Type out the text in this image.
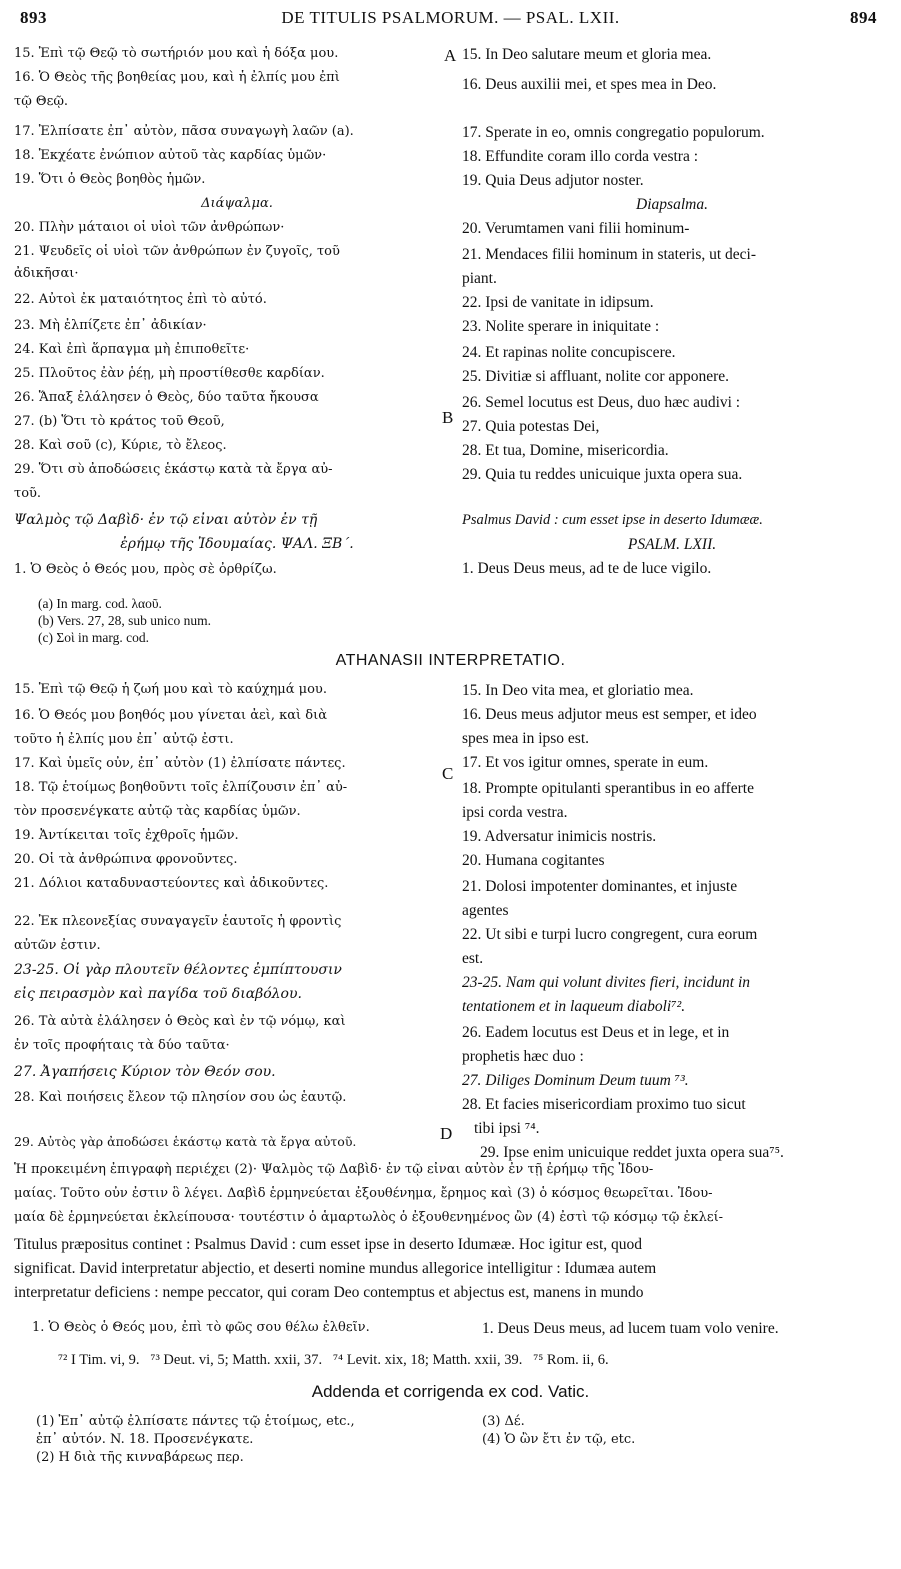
893	DE TITULIS PSALMORUM. — PSAL. LXII.	894
15. Ἐπὶ τῷ Θεῷ τὸ σωτήριόν μου καὶ ἡ δόξα μου.
16. Ὁ Θεὸς τῆς βοηθείας μου, καὶ ἡ ἐλπίς μου ἐπὶ
τῷ Θεῷ.
17. Ἐλπίσατε ἐπ᾽ αὐτὸν, πᾶσα συναγωγὴ λαῶν (a).
18. Ἐκχέατε ἐνώπιον αὐτοῦ τὰς καρδίας ὑμῶν·
19. Ὅτι ὁ Θεὸς βοηθὸς ἡμῶν.
Διάψαλμα.
20. Πλὴν μάταιοι οἱ υἱοὶ τῶν ἀνθρώπων·
21. Ψευδεῖς οἱ υἱοὶ τῶν ἀνθρώπων ἐν ζυγοῖς, τοῦ
ἀδικῆσαι·
22. Αὐτοὶ ἐκ ματαιότητος ἐπὶ τὸ αὐτό.
23. Μὴ ἐλπίζετε ἐπ᾽ ἀδικίαν·
24. Καὶ ἐπὶ ἅρπαγμα μὴ ἐπιποθεῖτε·
25. Πλοῦτος ἐὰν ῥέῃ, μὴ προστίθεσθε καρδίαν.
26. Ἅπαξ ἐλάλησεν ὁ Θεὸς, δύο ταῦτα ἤκουσα
27. (b) Ὅτι τὸ κράτος τοῦ Θεοῦ,
28. Καὶ σοῦ (c), Κύριε, τὸ ἔλεος.
29. Ὅτι σὺ ἀποδώσεις ἑκάστῳ κατὰ τὰ ἔργα αὐ-
τοῦ.
Ψαλμὸς τῷ Δαβὶδ· ἐν τῷ εἶναι αὐτὸν ἐν τῇ
ἐρήμῳ τῆς Ἰδουμαίας. ΨΑΛ. ΞΒ΄.
1. Ὁ Θεὸς ὁ Θεός μου, πρὸς σὲ ὀρθρίζω.
15. In Deo salutare meum et gloria mea.
16. Deus auxilii mei, et spes mea in Deo.
17. Sperate in eo, omnis congregatio populorum.
18. Effundite coram illo corda vestra :
19. Quia Deus adjutor noster.
Diapsalma.
20. Verumtamen vani filii hominum-
21. Mendaces filii hominum in stateris, ut deci-
piant.
22. Ipsi de vanitate in idipsum.
23. Nolite sperare in iniquitate :
24. Et rapinas nolite concupiscere.
25. Divitiæ si affluant, nolite cor apponere.
26. Semel locutus est Deus, duo hæc audivi :
27. Quia potestas Dei,
28. Et tua, Domine, misericordia.
29. Quia tu reddes unicuique juxta opera sua.
Psalmus David : cum esset ipse in deserto Idumææ.
PSALM. LXII.
1. Deus Deus meus, ad te de luce vigilo.
A
B
C
D
(a) In marg. cod. λαοῦ.
(b) Vers. 27, 28, sub unico num.
(c) Σοὶ in marg. cod.
ATHANASII INTERPRETATIO.
15. Ἐπὶ τῷ Θεῷ ἡ ζωή μου καὶ τὸ καύχημά μου.
16. Ὁ Θεός μου βοηθός μου γίνεται ἀεὶ, καὶ διὰ
τοῦτο ἡ ἐλπίς μου ἐπ᾽ αὐτῷ ἐστι.
17. Καὶ ὑμεῖς οὖν, ἐπ᾽ αὐτὸν (1) ἐλπίσατε πάντες.
18. Τῷ ἑτοίμως βοηθοῦντι τοῖς ἐλπίζουσιν ἐπ᾽ αὐ-
τὸν προσενέγκατε αὐτῷ τὰς καρδίας ὑμῶν.
19. Ἀντίκειται τοῖς ἐχθροῖς ἡμῶν.
20. Οἱ τὰ ἀνθρώπινα φρονοῦντες.
21. Δόλιοι καταδυναστεύοντες καὶ ἀδικοῦντες.
22. Ἐκ πλεονεξίας συναγαγεῖν ἑαυτοῖς ἡ φροντὶς
αὐτῶν ἐστιν.
23-25. Οἱ γὰρ πλουτεῖν θέλοντες ἐμπίπτουσιν
εἰς πειρασμὸν καὶ παγίδα τοῦ διαβόλου.
26. Τὰ αὐτὰ ἐλάλησεν ὁ Θεὸς καὶ ἐν τῷ νόμῳ, καὶ
ἐν τοῖς προφήταις τὰ δύο ταῦτα·
27. Ἀγαπήσεις Κύριον τὸν Θεόν σου.
28. Καὶ ποιήσεις ἔλεον τῷ πλησίον σου ὡς ἑαυτῷ.
29. Αὐτὸς γὰρ ἀποδώσει ἑκάστῳ κατὰ τὰ ἔργα αὐτοῦ.
15. In Deo vita mea, et gloriatio mea.
16. Deus meus adjutor meus est semper, et ideo
spes mea in ipso est.
17. Et vos igitur omnes, sperate in eum.
18. Prompte opitulanti sperantibus in eo afferte
ipsi corda vestra.
19. Adversatur inimicis nostris.
20. Humana cogitantes
21. Dolosi impotenter dominantes, et injuste
agentes
22. Ut sibi e turpi lucro congregent, cura eorum
est.
23-25. Nam qui volunt divites fieri, incidunt in
tentationem et in laqueum diaboli⁷².
26. Eadem locutus est Deus et in lege, et in
prophetis hæc duo :
27. Diliges Dominum Deum tuum ⁷³.
28. Et facies misericordiam proximo tuo sicut
tibi ipsi ⁷⁴.
29. Ipse enim unicuique reddet juxta opera sua⁷⁵.
Ἡ προκειμένη ἐπιγραφὴ περιέχει (2)· Ψαλμὸς τῷ Δαβὶδ· ἐν τῷ εἶναι αὐτὸν ἐν τῇ ἐρήμῳ τῆς Ἰδου-
μαίας. Τοῦτο οὖν ἐστιν ὃ λέγει. Δαβὶδ ἑρμηνεύεται ἐξουθένημα, ἔρημος καὶ (3) ὁ κόσμος θεωρεῖται. Ἰδου-
μαία δὲ ἑρμηνεύεται ἐκλείπουσα· τουτέστιν ὁ ἁμαρτωλὸς ὁ ἐξουθενημένος ὢν (4) ἐστὶ τῷ κόσμῳ τῷ ἐκλεί-
Titulus præpositus continet : Psalmus David : cum esset ipse in deserto Idumææ. Hoc igitur est, quod
significat. David interpretatur abjectio, et deserti nomine mundus allegorice intelligitur : Idumæa autem
interpretatur deficiens : nempe peccator, qui coram Deo contemptus et abjectus est, manens in mundo
1. Ὁ Θεὸς ὁ Θεός μου, ἐπὶ τὸ φῶς σου θέλω ἐλθεῖν.	1. Deus Deus meus, ad lucem tuam volo venire.
⁷² I Tim. vi, 9.   ⁷³ Deut. vi, 5; Matth. xxii, 37.   ⁷⁴ Levit. xix, 18; Matth. xxii, 39.   ⁷⁵ Rom. ii, 6.
Addenda et corrigenda ex cod. Vatic.
(1) Ἐπ᾽ αὐτῷ ἐλπίσατε πάντες τῷ ἑτοίμως, etc.,
ἐπ᾽ αὐτόν. N. 18. Προσενέγκατε.
(2) Η διὰ τῆς κινναβάρεως περ.
(3) Δέ.
(4) Ὁ ὢν ἔτι ἐν τῷ, etc.
